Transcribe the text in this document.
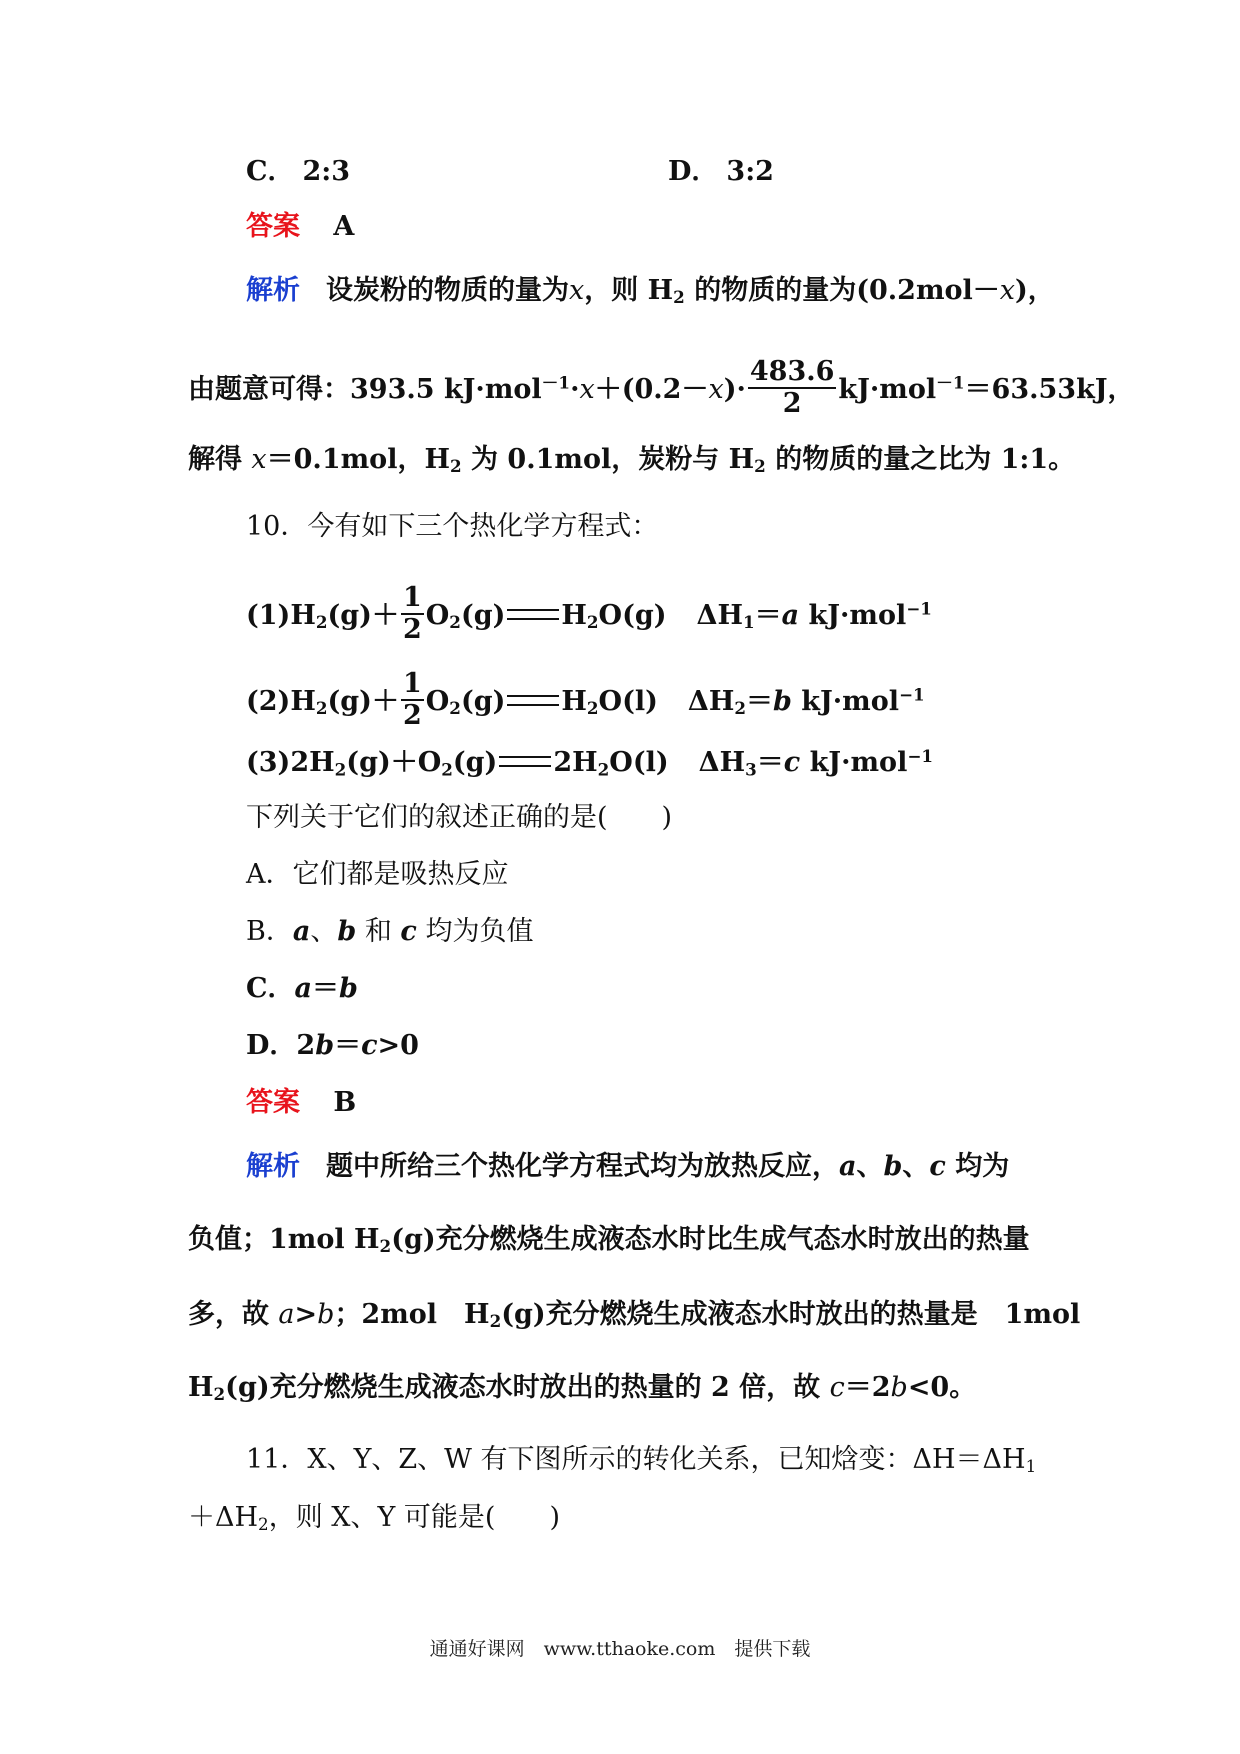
C． 2:3	D． 3:2
答案 A
解析 设炭粉的物质的量为x，则 $H_2$ 的物质的量为(0.2mol－x)，
由题意可得：393.5 $kJ\cdot mol^{-1}\cdot x+(0.2-x)\cdot \frac{483.6}{2} kJ\cdot mol^{-1}=63.53kJ$，
解得 x＝0.1mol，$H_2$ 为 0.1mol，炭粉与 $H_2$ 的物质的量之比为 1:1。
10．今有如下三个热化学方程式：
$(1)H_2(g)+ \frac{1}{2} O_2(g)$ $H_2O(g)$ $\Delta H_1=a$ kJ·mol$^{-1}$
$(2)H_2(g)+ \frac{1}{2} O_2(g)$ $H_2O(l)$ $\Delta H_2=b$ kJ·mol$^{-1}$
$(3)2H_2(g)+O_2(g)$ $2H_2O(l)$ $\Delta H_3=c$ kJ·mol$^{-1}$
下列关于它们的叙述正确的是(　　)
A．它们都是吸热反应
B．a、b 和 c 均为负值
C．a＝b
D．2b＝c>0
答案 B
解析 题中所给三个热化学方程式均为放热反应，a、b、c 均为
负值；1mol $H_2(g)$充分燃烧生成液态水时比生成气态水时放出的热量
多，故 a>b；2mol　$H_2(g)$充分燃烧生成液态水时放出的热量是　1mol
$H_2(g)$充分燃烧生成液态水时放出的热量的 2 倍，故 c＝2b<0。
11．X、Y、Z、W 有下图所示的转化关系，已知焓变：$\Delta H=\Delta H_1$
$+\Delta H_2$，则 X、Y 可能是(　　)
通通好课网　www.tthaoke.com　提供下载
